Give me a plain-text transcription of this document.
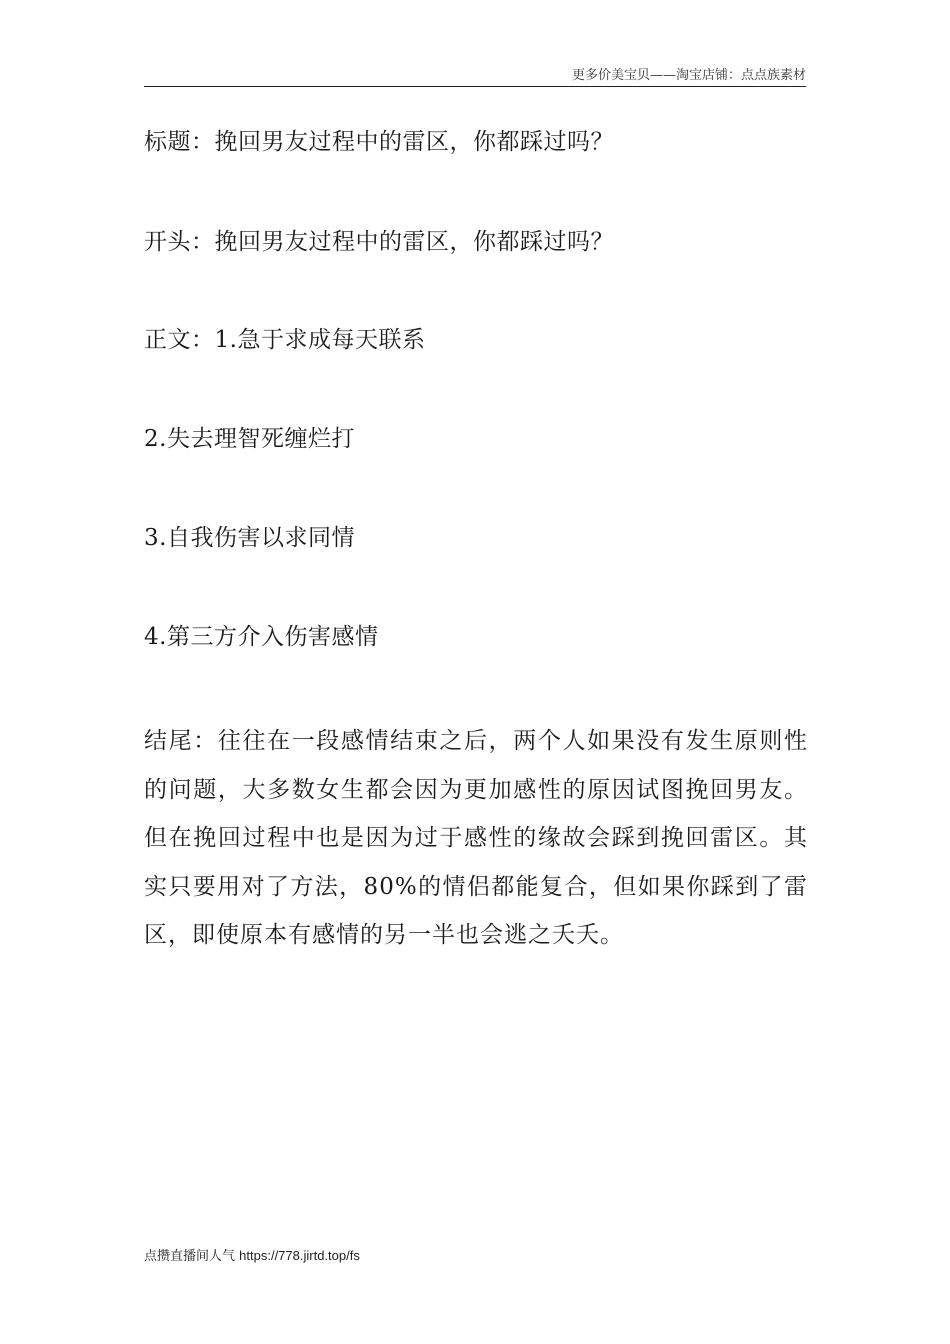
更多价美宝贝——淘宝店铺：点点族素材
标题：挽回男友过程中的雷区，你都踩过吗？
开头：挽回男友过程中的雷区，你都踩过吗？
正文：1.急于求成每天联系
2.失去理智死缠烂打
3.自我伤害以求同情
4.第三方介入伤害感情
结尾：往往在一段感情结束之后，两个人如果没有发生原则性的问题，大多数女生都会因为更加感性的原因试图挽回男友。但在挽回过程中也是因为过于感性的缘故会踩到挽回雷区。其实只要用对了方法，80%的情侣都能复合，但如果你踩到了雷区，即使原本有感情的另一半也会逃之夭夭。
点攒直播间人气 https://778.jirtd.top/fs
